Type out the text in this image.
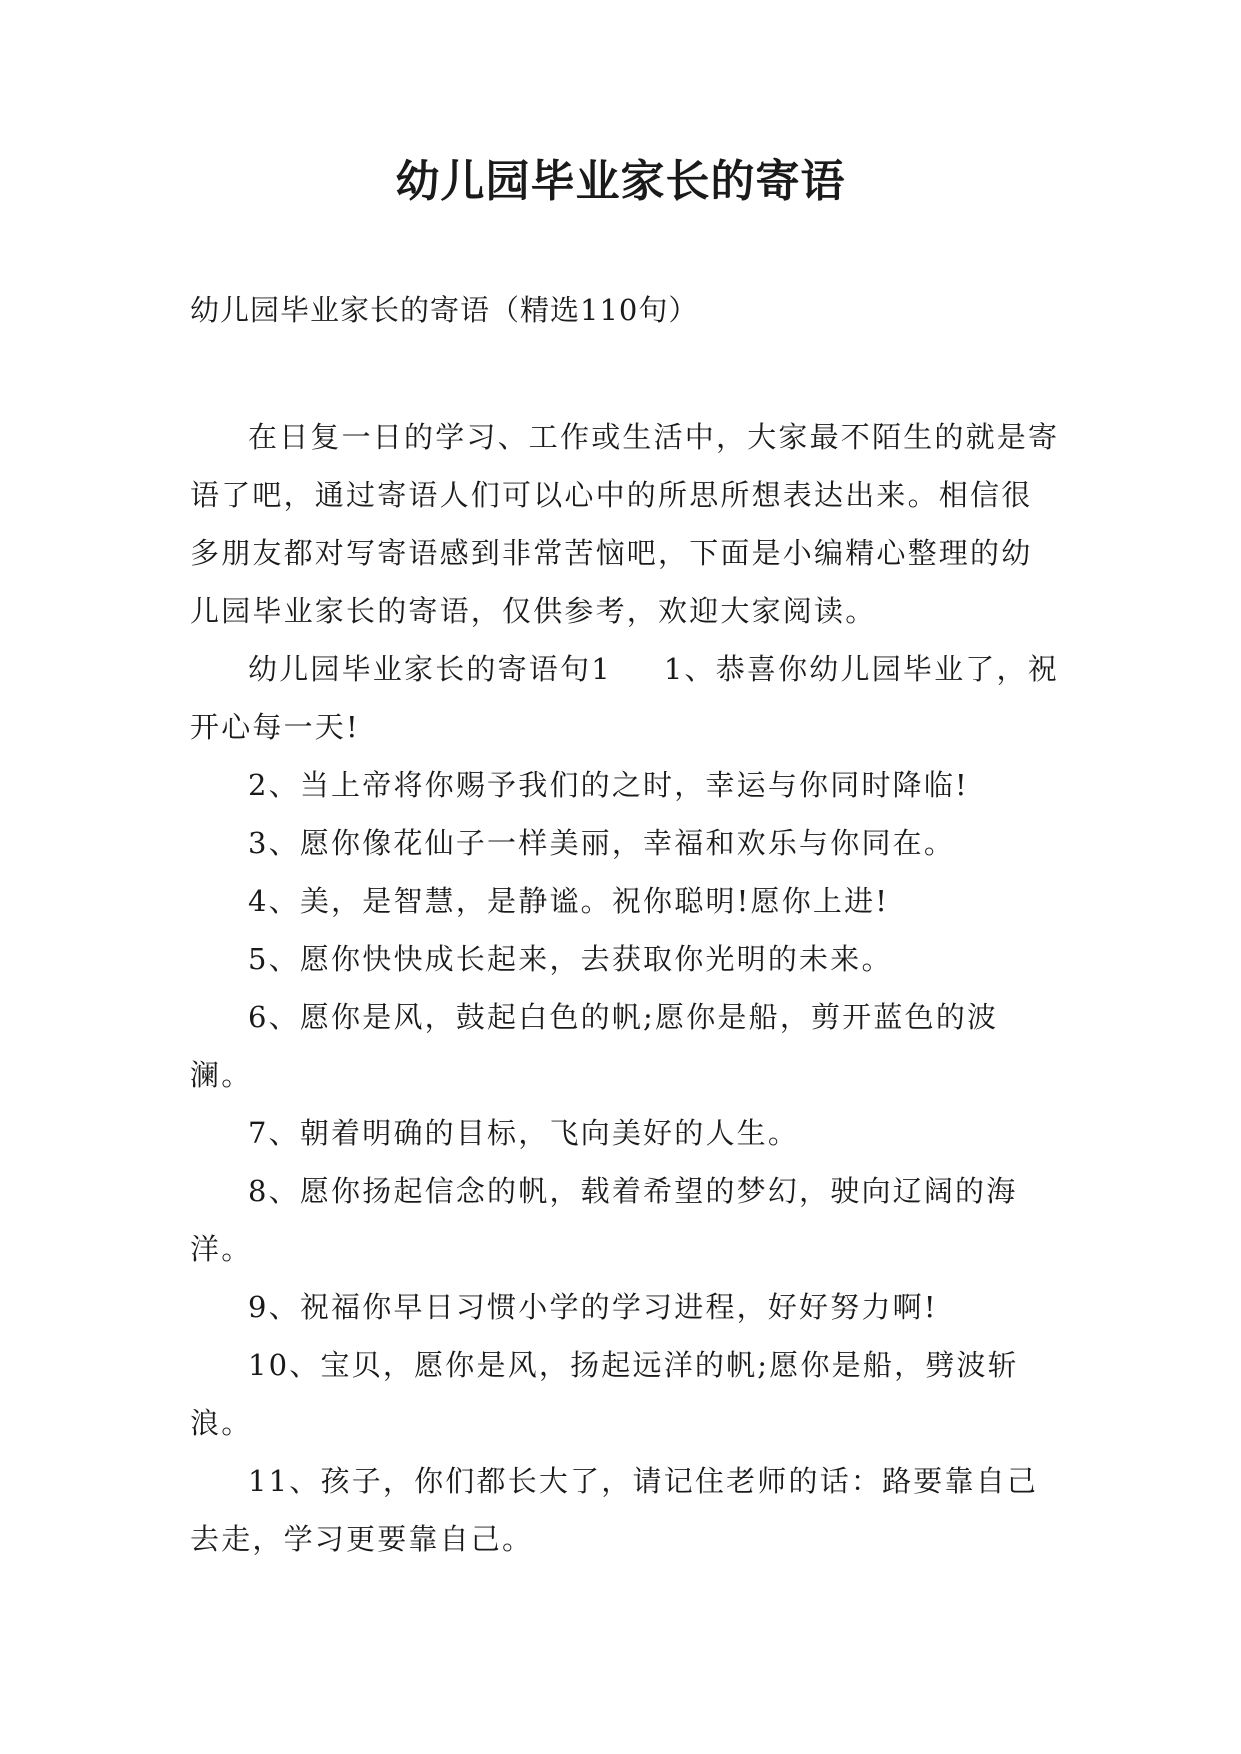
幼儿园毕业家长的寄语
幼儿园毕业家长的寄语（精选110句）

在日复一日的学习、工作或生活中，大家最不陌生的就是寄语了吧，通过寄语人们可以心中的所思所想表达出来。相信很多朋友都对写寄语感到非常苦恼吧，下面是小编精心整理的幼儿园毕业家长的寄语，仅供参考，欢迎大家阅读。

幼儿园毕业家长的寄语句1 1、恭喜你幼儿园毕业了，祝开心每一天!

2、当上帝将你赐予我们的之时，幸运与你同时降临!

3、愿你像花仙子一样美丽，幸福和欢乐与你同在。

4、美，是智慧，是静谧。祝你聪明!愿你上进!

5、愿你快快成长起来，去获取你光明的未来。

6、愿你是风，鼓起白色的帆;愿你是船，剪开蓝色的波澜。

7、朝着明确的目标，飞向美好的人生。

8、愿你扬起信念的帆，载着希望的梦幻，驶向辽阔的海洋。

9、祝福你早日习惯小学的学习进程，好好努力啊!

10、宝贝，愿你是风，扬起远洋的帆;愿你是船，劈波斩浪。

11、孩子，你们都长大了，请记住老师的话：路要靠自己去走，学习更要靠自己。
